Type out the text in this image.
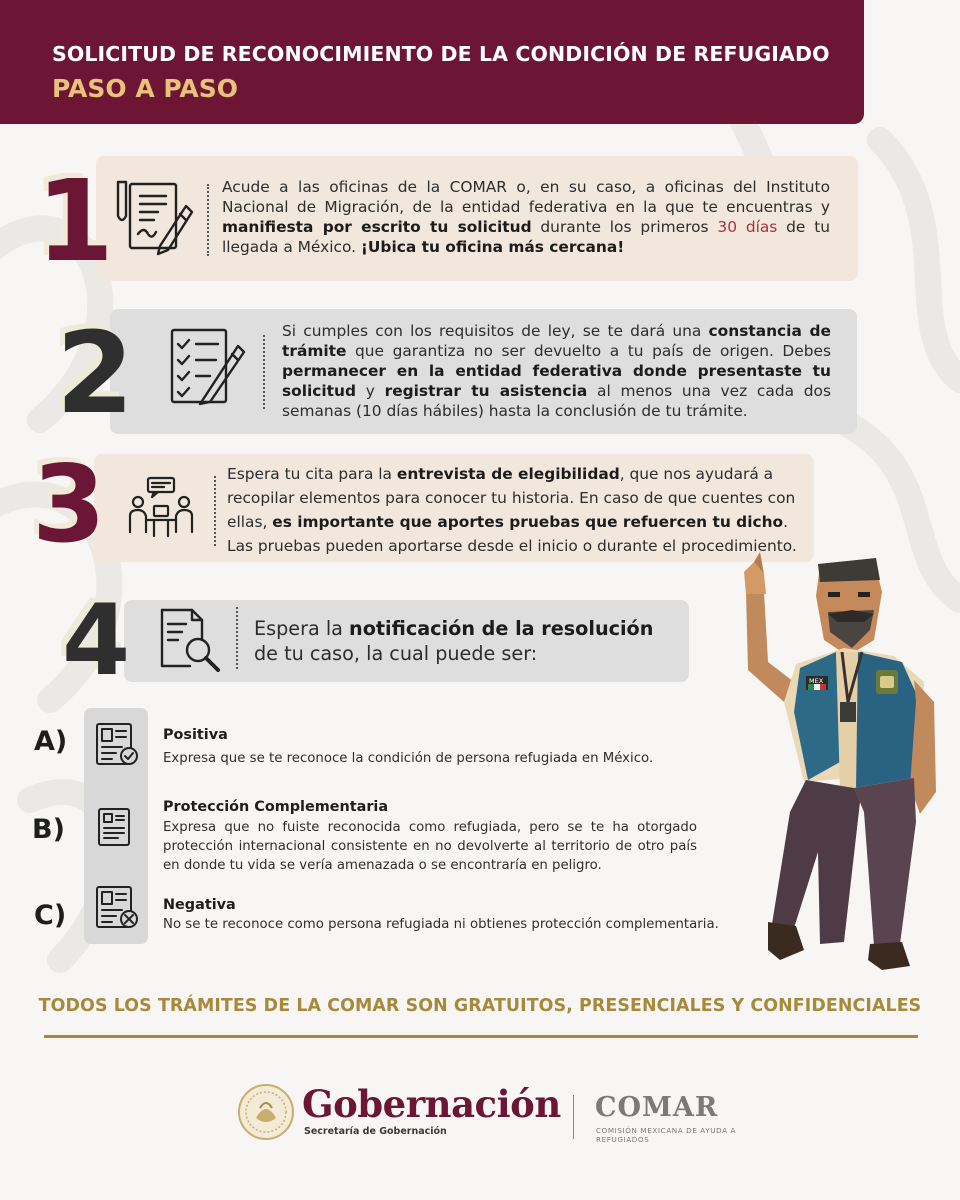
SOLICITUD DE RECONOCIMIENTO DE LA CONDICIÓN DE REFUGIADO
PASO A PASO
1	Acude a las oficinas de la COMAR o, en su caso, a oficinas del Instituto Nacional de Migración, de la entidad federativa en la que te encuentras y manifiesta por escrito tu solicitud durante los primeros 30 días de tu llegada a México. ¡Ubica tu oficina más cercana!
2	Si cumples con los requisitos de ley, se te dará una constancia de trámite que garantiza no ser devuelto a tu país de origen. Debes permanecer en la entidad federativa donde presentaste tu solicitud y registrar tu asistencia al menos una vez cada dos semanas (10 días hábiles) hasta la conclusión de tu trámite.
3	Espera tu cita para la entrevista de elegibilidad, que nos ayudará a recopilar elementos para conocer tu historia. En caso de que cuentes con ellas, es importante que aportes pruebas que refuercen tu dicho. Las pruebas pueden aportarse desde el inicio o durante el procedimiento.
4	Espera la notificación de la resolución de tu caso, la cual puede ser:
A)	Positiva
Expresa que se te reconoce la condición de persona refugiada en México.
B)
Protección Complementaria
Expresa que no fuiste reconocida como refugiada, pero se te ha otorgado protección internacional consistente en no devolverte al territorio de otro país en donde tu vida se vería amenazada o se encontraría en peligro.
C)	Negativa
No se te reconoce como persona refugiada ni obtienes protección complementaria.
MEX
TODOS LOS TRÁMITES DE LA COMAR SON GRATUITOS, PRESENCIALES Y CONFIDENCIALES
Gobernación
Secretaría de Gobernación
COMAR
COMISIÓN MEXICANA DE AYUDA A REFUGIADOS
